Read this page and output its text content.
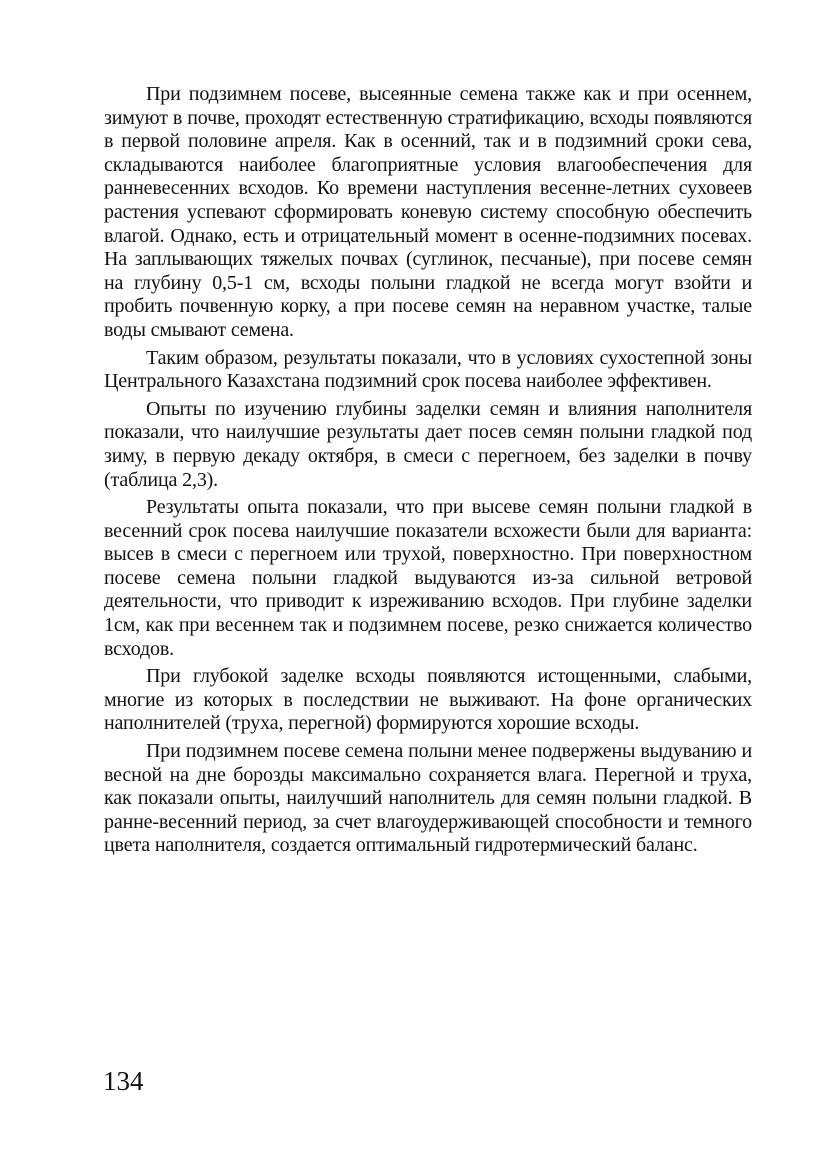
При подзимнем посеве, высеянные семена также как и при осеннем, зимуют в почве, проходят естественную стратификацию, всходы появляются в первой половине апреля. Как в осенний, так и в подзимний сроки сева, складываются наиболее благоприятные условия влагообеспечения для ранневесенних всходов. Ко времени наступления весенне-летних суховеев растения успевают сформировать коневую систему способную обеспечить влагой. Однако, есть и отрицательный момент в осенне-подзимних посевах. На заплывающих тяжелых почвах (суглинок, песчаные), при посеве семян на глубину 0,5-1 см, всходы полыни гладкой не всегда могут взойти и пробить почвенную корку, а при посеве семян на неравном участке, талые воды смывают семена.

Таким образом, результаты показали, что в условиях сухостепной зоны Центрального Казахстана подзимний срок посева наиболее эффективен.

Опыты по изучению глубины заделки семян и влияния наполнителя показали, что наилучшие результаты дает посев семян полыни гладкой под зиму, в первую декаду октября, в смеси с перегноем, без заделки в почву (таблица 2,3).

Результаты опыта показали, что при высеве семян полыни гладкой в весенний срок посева наилучшие показатели всхожести были для варианта: высев в смеси с перегноем или трухой, поверхностно. При поверхностном посеве семена полыни гладкой выдуваются из-за сильной ветровой деятельности, что приводит к изреживанию всходов. При глубине заделки 1см, как при весеннем так и подзимнем посеве, резко снижается количество всходов.

При глубокой заделке всходы появляются истощенными, слабыми, многие из которых в последствии не выживают. На фоне органических наполнителей (труха, перегной) формируются хорошие всходы.

При подзимнем посеве семена полыни менее подвержены выдуванию и весной на дне борозды максимально сохраняется влага. Перегной и труха, как показали опыты, наилучший наполнитель для семян полыни гладкой. В ранне-весенний период, за счет влагоудерживающей способности и темного цвета наполнителя, создается оптимальный гидротермический баланс.

134
